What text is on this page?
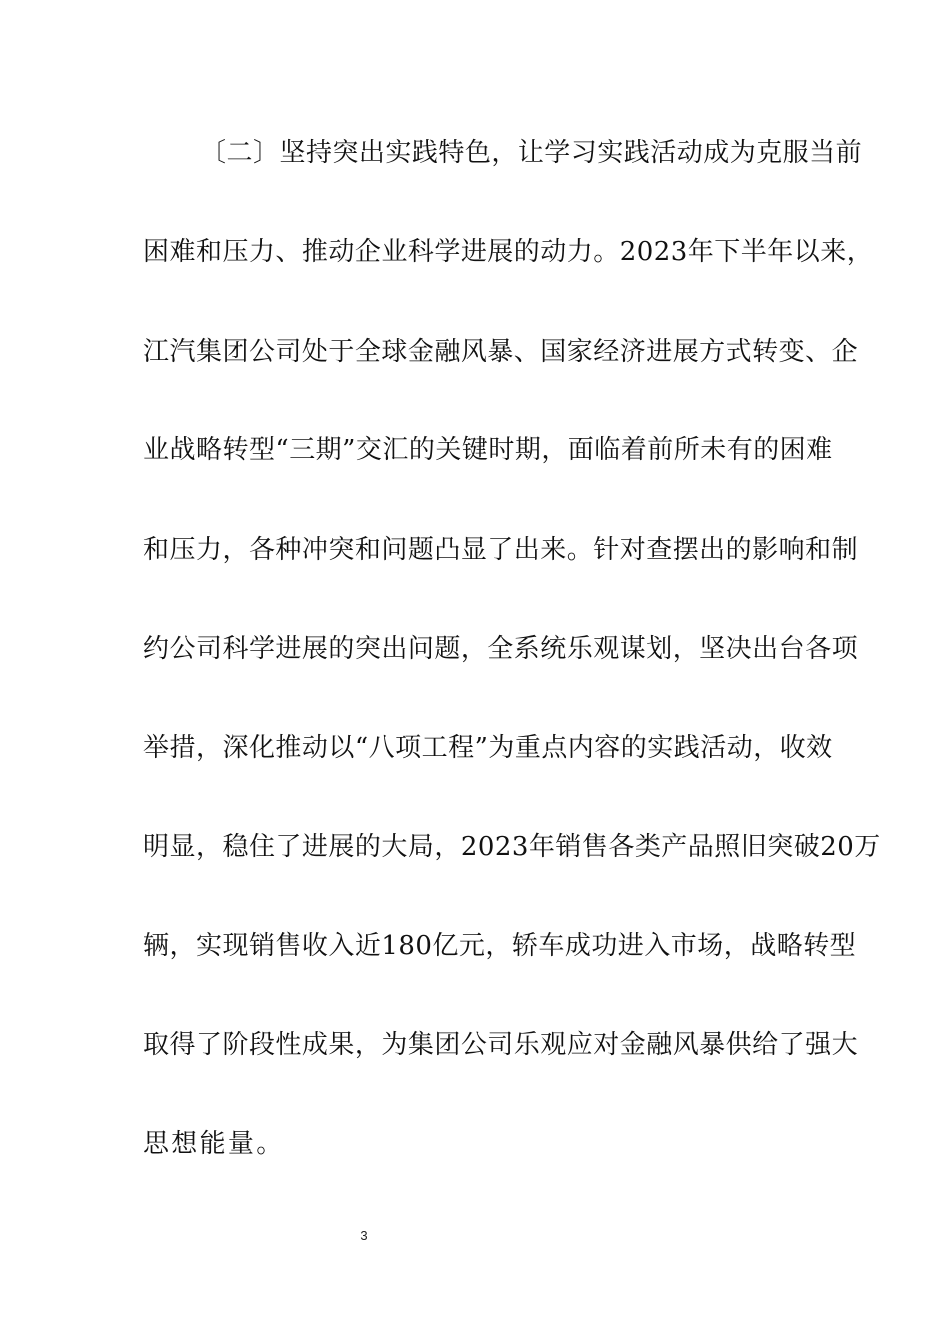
〔 二 〕 坚 持 突 出 实 践 特 色 ， 让 学 习 实 践 活 动 成 为 克 服 当 前
困 难 和 压 力 、 推 动 企 业 科 学 进 展 的 动 力 。 2 0 2 3 年 下 半 年 以 来 ，
江 汽 集 团 公 司 处 于 全 球 金 融 风 暴 、 国 家 经 济 进 展 方 式 转 变 、 企
业 战 略 转 型 “ 三 期 ” 交 汇 的 关 键 时 期 ， 面 临 着 前 所 未 有 的 困 难
和 压 力 ， 各 种 冲 突 和 问 题 凸 显 了 出 来 。 针 对 查 摆 出 的 影 响 和 制
约 公 司 科 学 进 展 的 突 出 问 题 ， 全 系 统 乐 观 谋 划 ， 坚 决 出 台 各 项
举 措 ， 深 化 推 动 以 “ 八 项 工 程 ” 为 重 点 内 容 的 实 践 活 动 ， 收 效
明 显 ， 稳 住 了 进 展 的 大 局 ， 2 0 2 3 年 销 售 各 类 产 品 照 旧 突 破 2 0 万
辆 ， 实 现 销 售 收 入 近 1 8 0 亿 元 ， 轿 车 成 功 进 入 市 场 ， 战 略 转 型
取 得 了 阶 段 性 成 果 ， 为 集 团 公 司 乐 观 应 对 金 融 风 暴 供 给 了 强 大
思想能量。
3
